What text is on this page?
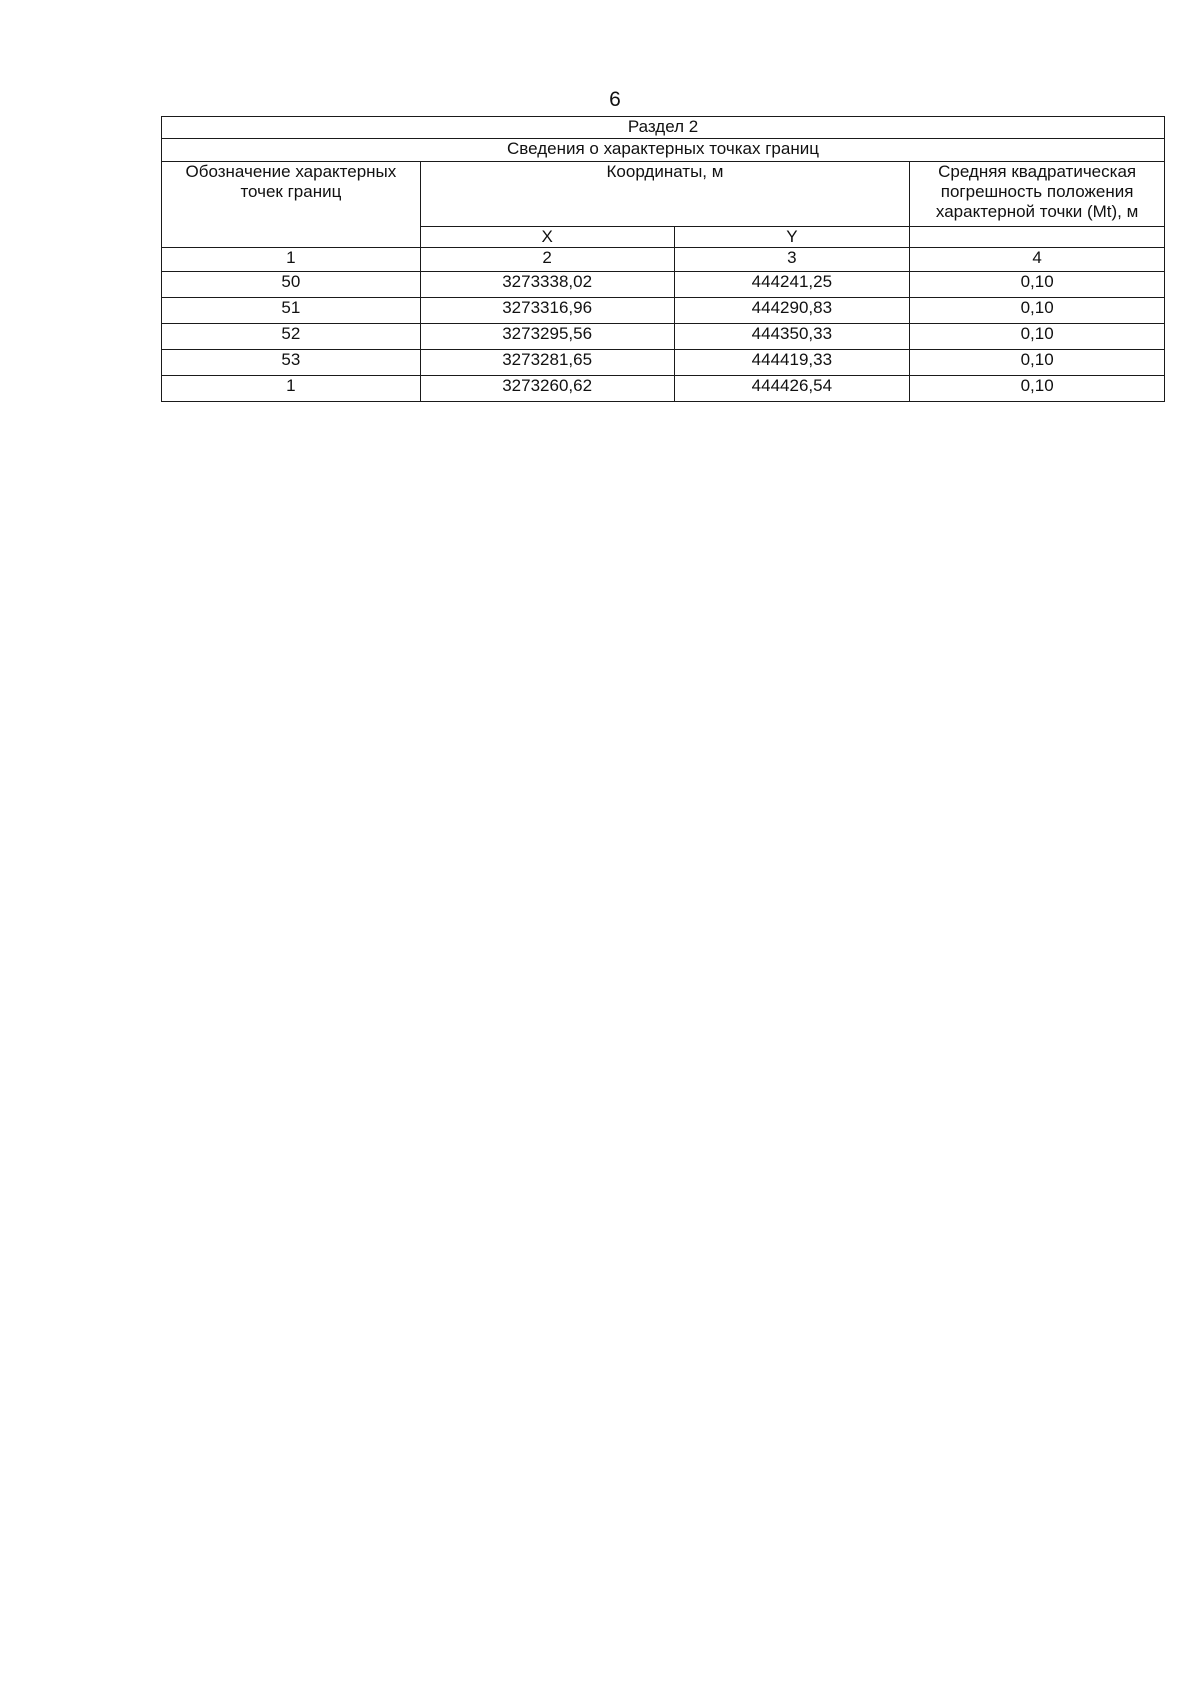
6
Раздел 2			
Сведения о характерных точках границ			
Обозначение характерных точек границ	Координаты, м		Средняя квадратическая погрешность положения характерной точки (Mt), м
	X	Y	
1	2	3	4
50	3273338,02	444241,25	0,10
51	3273316,96	444290,83	0,10
52	3273295,56	444350,33	0,10
53	3273281,65	444419,33	0,10
1	3273260,62	444426,54	0,10
